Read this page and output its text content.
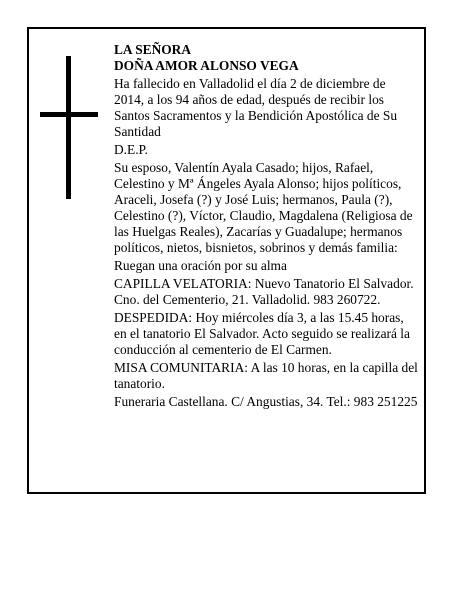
LA SEÑORA

DOÑA AMOR ALONSO VEGA

Ha fallecido en Valladolid el día 2 de diciembre de 2014, a los 94 años de edad, después de recibir los Santos Sacramentos y la Bendición Apostólica de Su Santidad

D.E.P.

Su esposo, Valentín Ayala Casado; hijos, Rafael, Celestino y Mª Ángeles Ayala Alonso; hijos políticos, Araceli, Josefa (?) y José Luis; hermanos, Paula (?), Celestino (?), Víctor, Claudio, Magdalena (Religiosa de las Huelgas Reales), Zacarías y Guadalupe; hermanos políticos, nietos, bisnietos, sobrinos y demás familia:

Ruegan una oración por su alma

CAPILLA VELATORIA: Nuevo Tanatorio El Salvador. Cno. del Cementerio, 21. Valladolid. 983 260722.

DESPEDIDA: Hoy miércoles día 3, a las 15.45 horas, en el tanatorio El Salvador. Acto seguido se realizará la conducción al cementerio de El Carmen.

MISA COMUNITARIA: A las 10 horas, en la capilla del tanatorio.

Funeraria Castellana. C/ Angustias, 34. Tel.: 983 251225
